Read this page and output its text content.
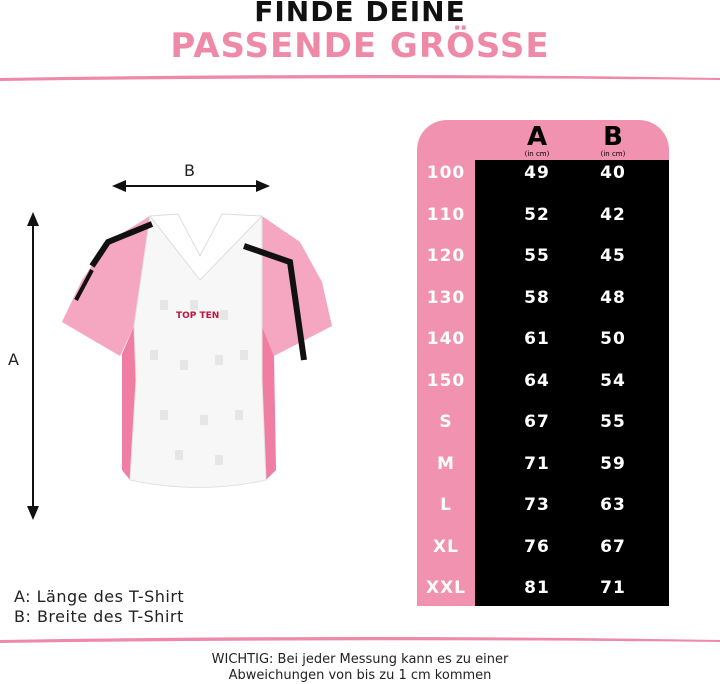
FINDE DEINE
PASSENDE GRÖSSE
B
A
TOP TEN
A
(in cm)
B
(in cm)
100	49	40
110	52	42
120	55	45
130	58	48
140	61	50
150	64	54
S	67	55
M	71	59
L	73	63
XL	76	67
XXL	81	71
A: Länge des T-Shirt
B: Breite des T-Shirt
WICHTIG: Bei jeder Messung kann es zu einer
Abweichungen von bis zu 1 cm kommen
